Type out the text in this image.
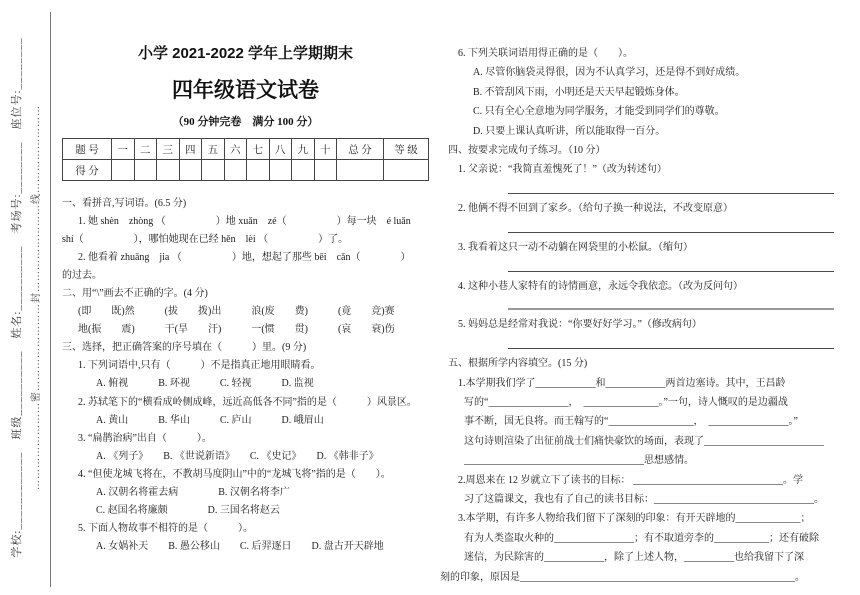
学校:____________　班级__________　姓名:__________　考场号:________　座位号:________ ……………………密……………………封……………………线……………………
小学 2021-2022 学年上学期期末
四年级语文试卷
（90 分钟完卷　满分 100 分）
题 号	一	二	三	四	五	六	七	八	九	十	总 分	等 级
得 分												
一、看拼音,写词语。(6.5 分)
1. 她 shèn　zhòng （　　　　　）地 xuǎn　zé（　　　　　）每一块　é luǎn
shí（　　　　　），哪怕她现在已经 hěn　lèi （　　　　　）了。
2. 他看着 zhuāng　jia （　　　　　）地，想起了那些 bēi　cǎn（　　　　）
的过去。
二、用“\”画去不正确的字。(4 分)
(即　　既)然　　　(拔　　拨)出　　　浪(废　　费)　　　(竟　　竞)赛
地(振　　震)　　　干(旱　　汗)　　　一(惯　　贯)　　　(哀　　衰)伤
三、选择，把正确答案的序号填在（　　　）里。(9 分)
1. 下列词语中,只有（　　　）不是指真正地用眼睛看。
A. 俯视　　　B. 环视　　　C. 轻视　　　D. 监视
2. 苏轼笔下的“横看成岭侧成峰，远近高低各不同”指的是（　　　）风景区。
A. 黄山　　　B. 华山　　　C. 庐山　　　D. 峨眉山
3. “扁鹊治病”出自（　　　）。
A. 《列子》　　B. 《世说新语》　　C. 《史记》　　D. 《韩非子》
4. “但使龙城飞将在，不教胡马度阴山”中的“龙城飞将”指的是（　　）。
A. 汉朝名将霍去病　　　　B. 汉朝名将李广
C. 赵国名将廉颇　　　　D. 三国名将赵云
5. 下面人物故事不相符的是（　　　）。
A. 女娲补天　　B. 愚公移山　　C. 后羿逐日　　D. 盘古开天辟地
6. 下列关联词语用得正确的是（　　）。
A. 尽管你脑袋灵得很，因为不认真学习，还是得不到好成绩。
B. 不管刮风下雨，小明还是天天早起锻炼身体。
C. 只有全心全意地为同学服务，才能受到同学们的尊敬。
D. 只要上课认真听讲，所以能取得一百分。
四、按要求完成句子练习。（10 分）
1. 父亲说：“我简直羞愧死了！”（改为转述句）
2. 他俩不得不回到了家乡。（给句子换一种说法，不改变原意）
3. 我看着这只一动不动躺在网袋里的小松鼠。（缩句）
4. 这种小巷人家特有的诗情画意，永远令我依恋。（改为反问句）
5. 妈妈总是经常对我说：“你要好好学习。”（修改病句）
五、根据所学内容填空。(15 分)
1.本学期我们学了____________和____________两首边塞诗。其中，王昌龄
写的“________________，　_______________。”一句，诗人慨叹的是边疆战
事不断，国无良将。而王翰写的“_________________，　________________。”
这句诗则渲染了出征前战士们痛快豪饮的场面，表现了________________________
____________________________________思想感情。
2.周恩来在 12 岁就立下了读书的目标： ______________________________。学
习了这篇课文，我也有了自己的读书目标：________________________________。
3.本学期，有许多人物给我们留下了深刻的印象：有开天辟地的_____________；
有为人类盗取火种的________________；有不取道旁李的___________；还有破除
迷信，为民除害的____________，除了上述人物，__________也给我留下了深
刻的印象，原因是_______________________________________________________。
